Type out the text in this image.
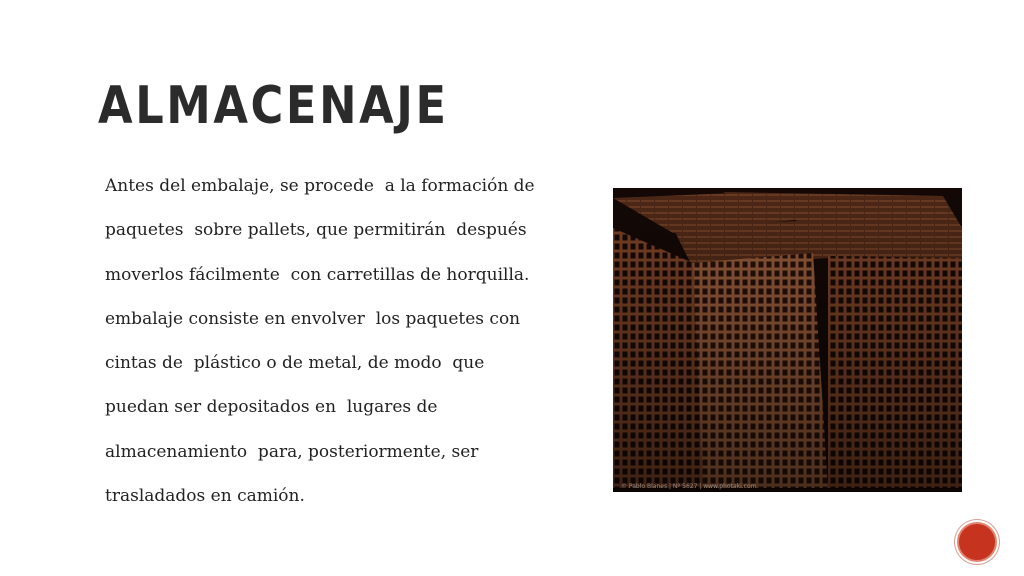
ALMACENAJE
Antes del embalaje, se procede  a la formación de
paquetes  sobre pallets, que permitirán  después
moverlos fácilmente  con carretillas de horquilla.
embalaje consiste en envolver  los paquetes con
cintas de  plástico o de metal, de modo  que
puedan ser depositados en  lugares de
almacenamiento  para, posteriormente, ser
trasladados en camión.	© Pablo Blanes | Nº 5627 | www.photaki.com
